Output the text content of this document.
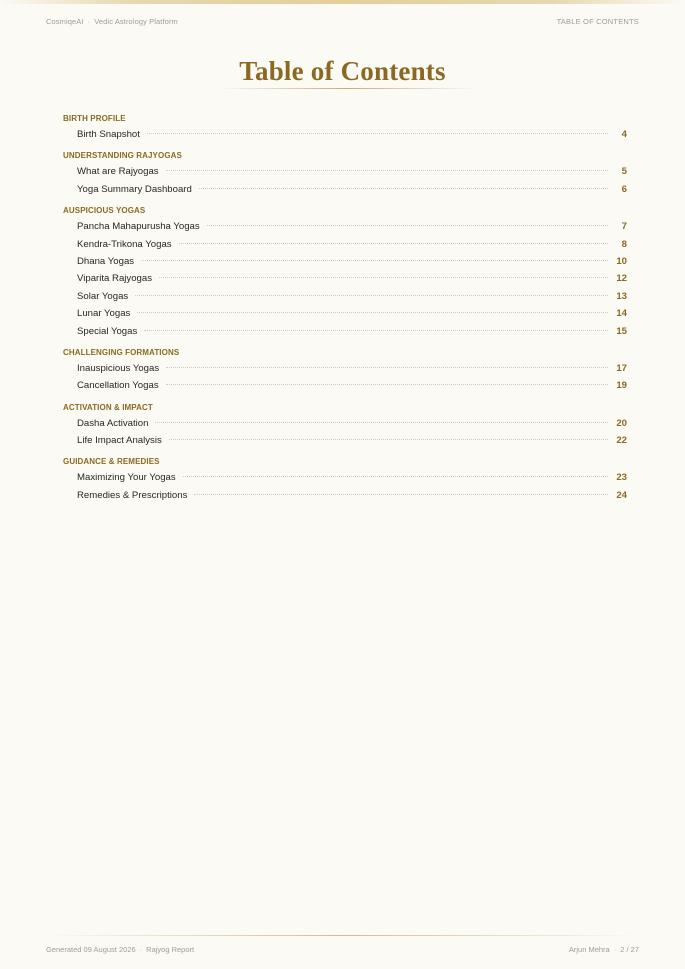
CosmiqeAI · Vedic Astrology Platform	TABLE OF CONTENTS
Table of Contents
BIRTH PROFILE
Birth Snapshot	4
UNDERSTANDING RAJYOGAS
What are Rajyogas	5
Yoga Summary Dashboard	6
AUSPICIOUS YOGAS
Pancha Mahapurusha Yogas	7
Kendra-Trikona Yogas	8
Dhana Yogas	10
Viparita Rajyogas	12
Solar Yogas	13
Lunar Yogas	14
Special Yogas	15
CHALLENGING FORMATIONS
Inauspicious Yogas	17
Cancellation Yogas	19
ACTIVATION & IMPACT
Dasha Activation	20
Life Impact Analysis	22
GUIDANCE & REMEDIES
Maximizing Your Yogas	23
Remedies & Prescriptions	24
Generated 09 August 2026 · Rajyog Report	Arjun Mehra · 2 / 27
